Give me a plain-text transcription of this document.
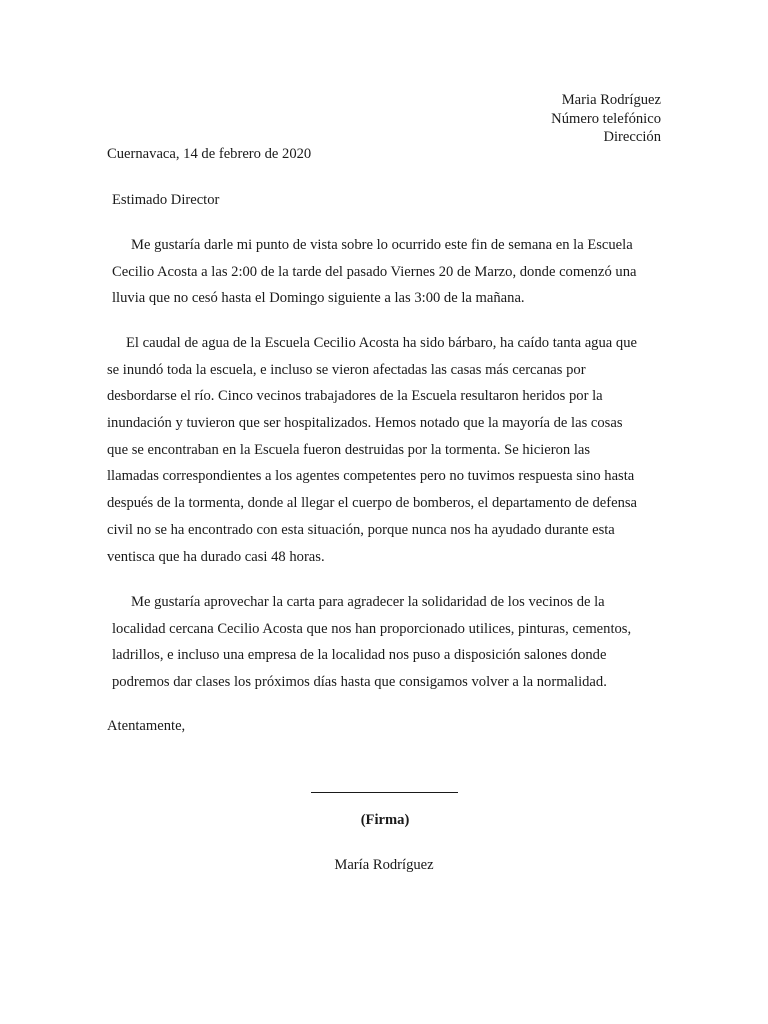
Maria Rodríguez
Número telefónico
Dirección
Cuernavaca, 14 de febrero de 2020
Estimado Director
Me gustaría darle mi punto de vista sobre lo ocurrido este fin de semana en la Escuela
Cecilio Acosta a las 2:00 de la tarde del pasado Viernes 20 de Marzo, donde comenzó una
lluvia que no cesó hasta el Domingo siguiente a las 3:00 de la mañana.
El caudal de agua de la Escuela Cecilio Acosta ha sido bárbaro, ha caído tanta agua que
se inundó toda la escuela, e incluso se vieron afectadas las casas más cercanas por
desbordarse el río. Cinco vecinos trabajadores de la Escuela resultaron heridos por la
inundación y tuvieron que ser hospitalizados. Hemos notado que la mayoría de las cosas
que se encontraban en la Escuela fueron destruidas por la tormenta. Se hicieron las
llamadas correspondientes a los agentes competentes pero no tuvimos respuesta sino hasta
después de la tormenta, donde al llegar el cuerpo de bomberos, el departamento de defensa
civil no se ha encontrado con esta situación, porque nunca nos ha ayudado durante esta
ventisca que ha durado casi 48 horas.
Me gustaría aprovechar la carta para agradecer la solidaridad de los vecinos de la
localidad cercana Cecilio Acosta que nos han proporcionado utilices, pinturas, cementos,
ladrillos, e incluso una empresa de la localidad nos puso a disposición salones donde
podremos dar clases los próximos días hasta que consigamos volver a la normalidad.
Atentamente,
(Firma)
María Rodríguez
